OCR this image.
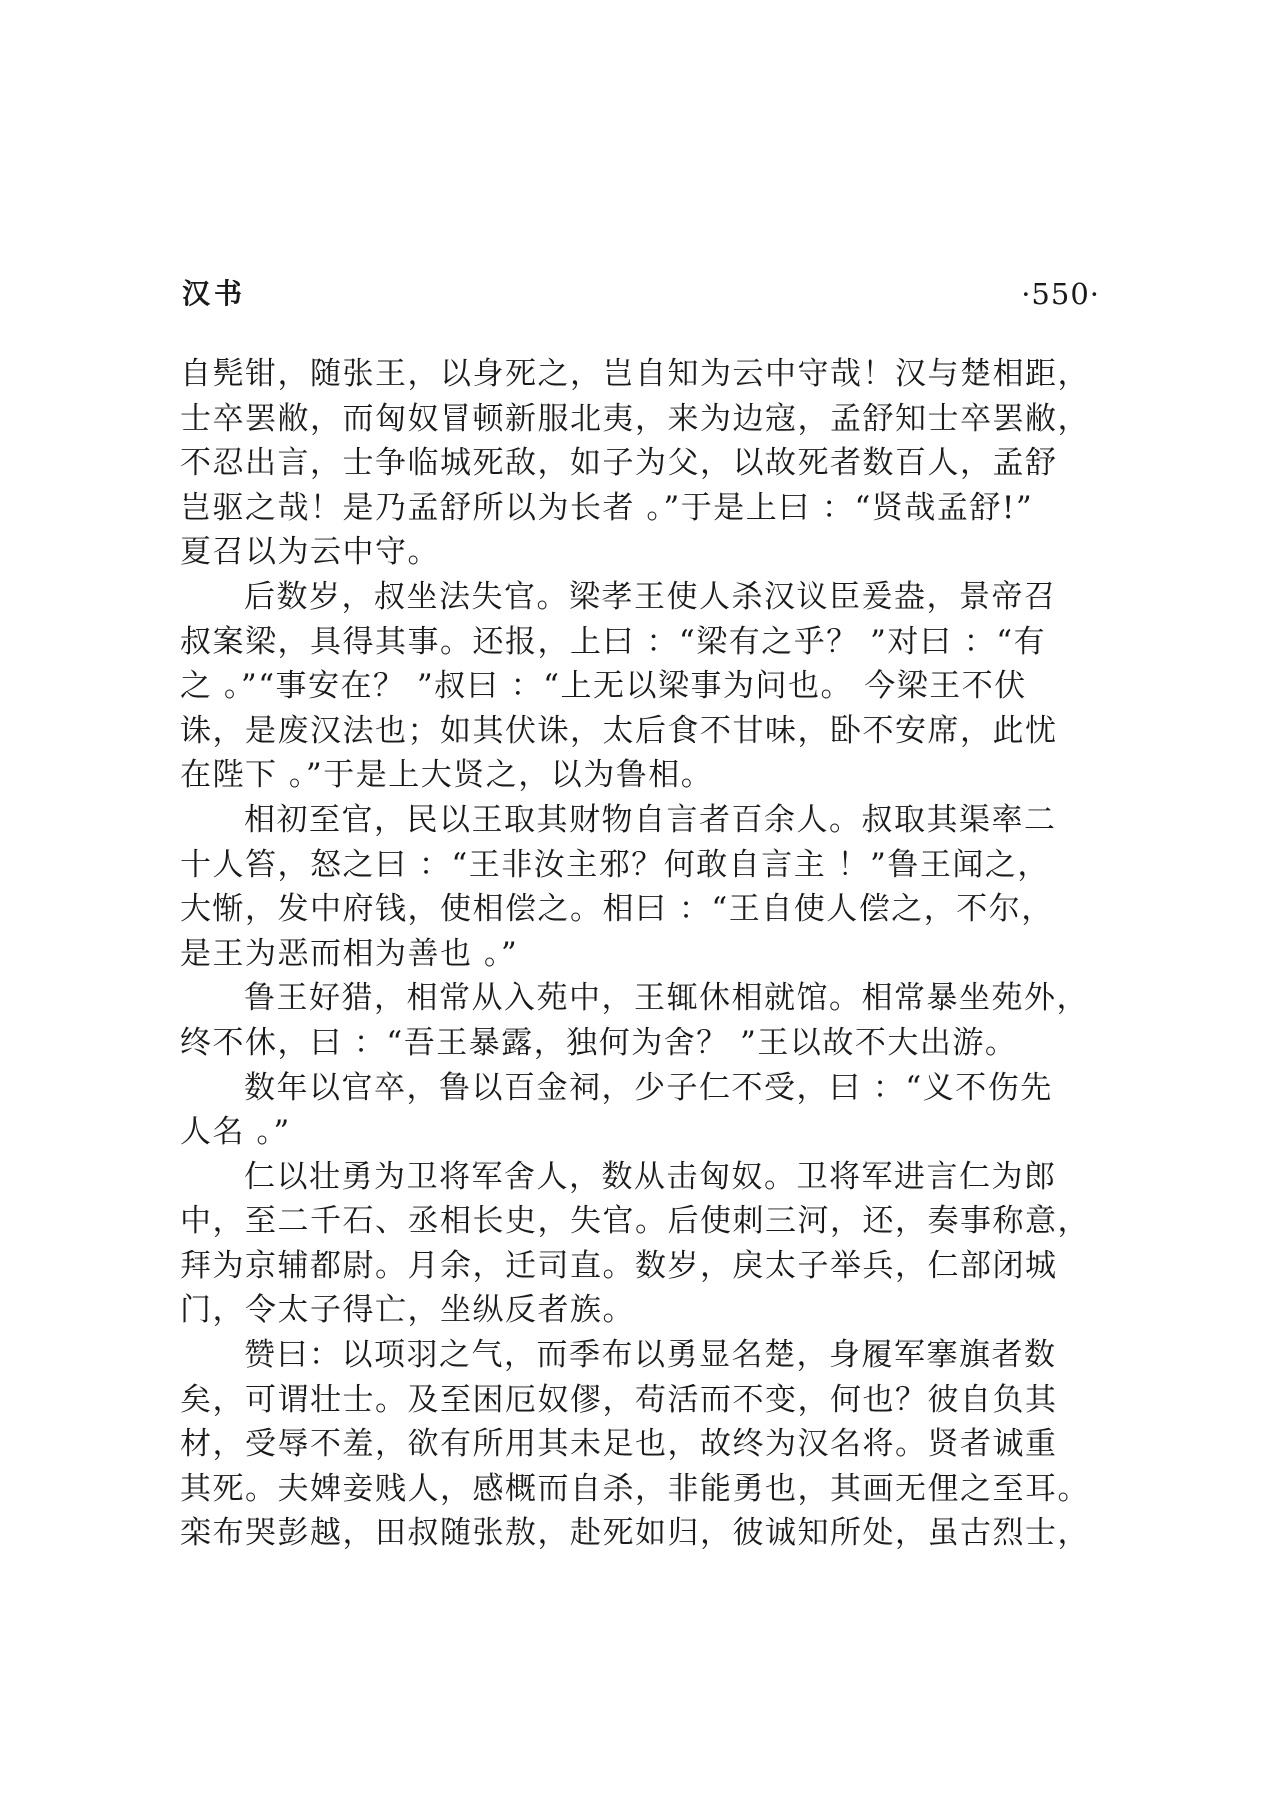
汉书	·550·
自髡钳，随张王，以身死之，岂自知为云中守哉！汉与楚相距，
士卒罢敝，而匈奴冒顿新服北夷，来为边寇，孟舒知士卒罢敝，
不忍出言，士争临城死敌，如子为父，以故死者数百人，孟舒
岂驱之哉！是乃孟舒所以为长者 。”于是上曰 ：“贤哉孟舒!”
夏召以为云中守。
后数岁，叔坐法失官。梁孝王使人杀汉议臣爰盎，景帝召
叔案梁，具得其事。还报，上曰 ：“梁有之乎？ ”对曰 ：“有
之 。”“事安在？ ”叔曰 ：“上无以梁事为问也。 今梁王不伏
诛，是废汉法也；如其伏诛，太后食不甘味，卧不安席，此忧
在陛下 。”于是上大贤之，以为鲁相。
相初至官，民以王取其财物自言者百余人。叔取其渠率二
十人笞，怒之曰 ：“王非汝主邪？何敢自言主 ！”鲁王闻之，
大惭，发中府钱，使相偿之。相曰 ：“王自使人偿之，不尔，
是王为恶而相为善也 。”
鲁王好猎，相常从入苑中，王辄休相就馆。相常暴坐苑外，
终不休，曰 ：“吾王暴露，独何为舍？ ”王以故不大出游。
数年以官卒，鲁以百金祠，少子仁不受，曰 ：“义不伤先
人名 。”
仁以壮勇为卫将军舍人，数从击匈奴。卫将军进言仁为郎
中，至二千石、丞相长史，失官。后使刺三河，还，奏事称意，
拜为京辅都尉。月余，迁司直。数岁，戾太子举兵，仁部闭城
门，令太子得亡，坐纵反者族。
赞曰：以项羽之气，而季布以勇显名楚，身履军搴旗者数
矣，可谓壮士。及至困厄奴僇，苟活而不变，何也？彼自负其
材，受辱不羞，欲有所用其未足也，故终为汉名将。贤者诚重
其死。夫婢妾贱人，感概而自杀，非能勇也，其画无俚之至耳。
栾布哭彭越，田叔随张敖，赴死如归，彼诚知所处，虽古烈士，
